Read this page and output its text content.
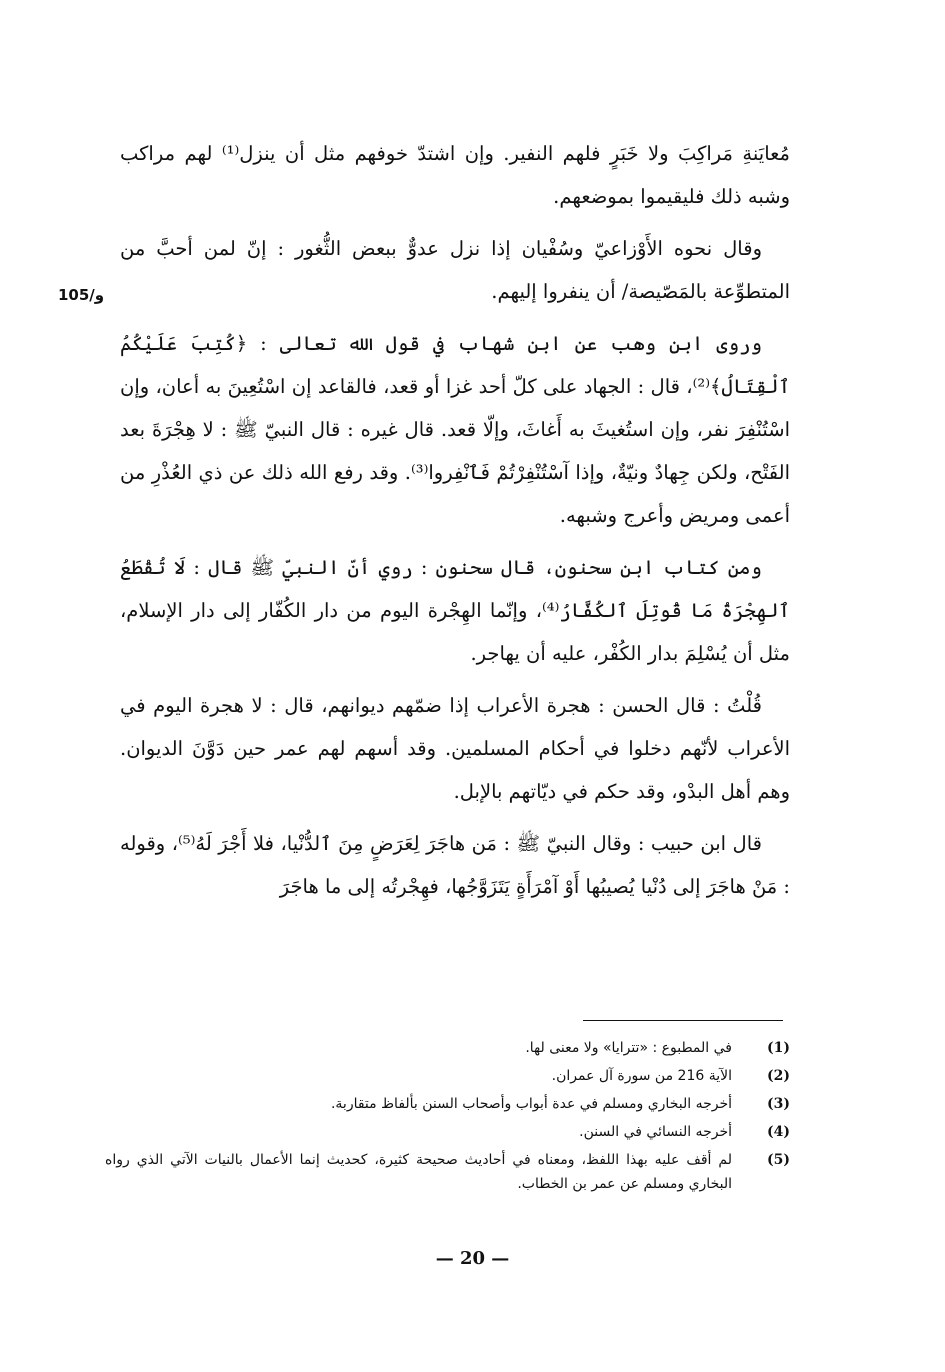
105/و

مُعايَنةِ مَراكِبَ ولا خَبَرٍ فلهم النفير. وإن اشتدّ خوفهم مثل أن ينزل⁽¹⁾ لهم مراكب وشبه ذلك فليقيموا بموضعهم.

وقال نحوه الأَوْزاعيّ وسُفْيان إذا نزل عدوٌّ ببعض الثُّغور : إنّ لمن أحبَّ من المتطوِّعة بالمَصّيصة/ أن ينفروا إليهم.

وروى ابن وهب عن ابن شهاب في قول الله تعالى : ﴿كُتِبَ عَلَيْكُمُ ٱلْقِتَالُ﴾⁽²⁾، قال : الجهاد على كلّ أحد غزا أو قعد، فالقاعد إن اسْتُعِينَ به أعان، وإن اسْتُنْفِرَ نفر، وإن استُغيثَ به أَغاثَ، وإلّا قعد. قال غيره : قال النبيّ ﷺ : لا هِجْرَةَ بعد الفَتْح، ولكن جِهادٌ ونيّةٌ، وإذا آسْتُنْفِرْتُمْ فَٱنْفِروا⁽³⁾. وقد رفع الله ذلك عن ذي العُذْرِ من أعمى ومريض وأعرج وشبهه.

ومن كتاب ابن سحنون، قال سحنون : روي أنّ النبيّ ﷺ قال : لَا تُقْطَعُ ٱلهِجْرَةُ مَا قُوتِلَ ٱلكُفَّارُ⁽⁴⁾، وإنّما الهِجْرة اليوم من دار الكُفّار إلى دار الإسلام، مثل أن يُسْلِمَ بدار الكُفْر، عليه أن يهاجر.

قُلْتُ : قال الحسن : هجرة الأعراب إذا ضمّهم ديوانهم، قال : لا هجرة اليوم في الأعراب لأنّهم دخلوا في أحكام المسلمين. وقد أسهم لهم عمر حين دَوَّنَ الديوان. وهم أهل البدْو، وقد حكم في ديّاتهم بالإبل.

قال ابن حبيب : وقال النبيّ ﷺ : مَن هاجَرَ لِعَرَضٍ مِنَ ٱلدُّنْيا، فلا أَجْرَ لَهُ⁽⁵⁾، وقوله : مَنْ هاجَرَ إلى دُنْيا يُصيبُها أَوْ آمْرَأَةٍ يَتَزَوَّجُها، فهِجْرتُه إلى ما هاجَرَ

(1)
في المطبوع : «تترايا» ولا معنى لها.
(2)
الآية 216 من سورة آل عمران.
(3)
أخرجه البخاري ومسلم في عدة أبواب وأصحاب السنن بألفاظ متقاربة.
(4)
أخرجه النسائي في السنن.
(5)
لم أقف عليه بهذا اللفظ، ومعناه في أحاديث صحيحة كثيرة، كحديث إنما الأعمال بالنيات الآتي الذي رواه البخاري ومسلم عن عمر بن الخطاب.
— 20 —
